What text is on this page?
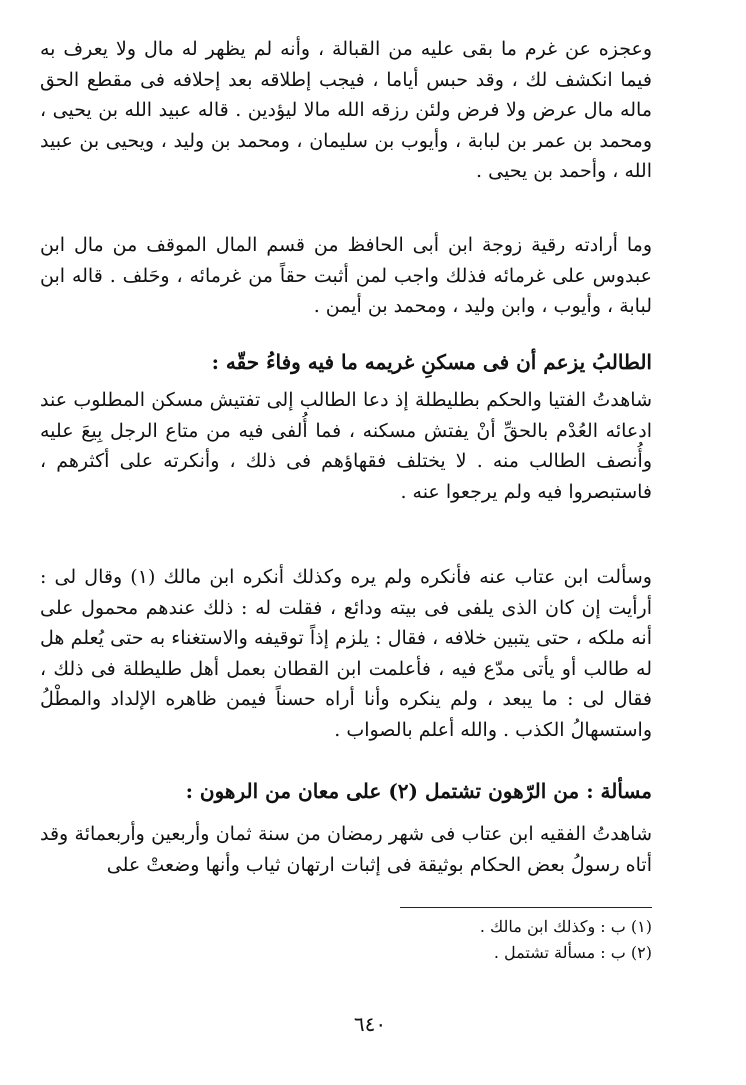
وعجزه عن غرم ما بقى عليه من القبالة ، وأنه لم يظهر له مال ولا يعرف به فيما انكشف لك ، وقد حبس أياما ، فيجب إطلاقه بعد إحلافه فى مقطع الحق ماله مال عرض ولا فرض ولئن رزقه الله مالا ليؤدين . قاله عبيد الله بن يحيى ، ومحمد بن عمر بن لبابة ، وأيوب بن سليمان ، ومحمد بن وليد ، ويحيى بن عبيد الله ، وأحمد بن يحيى .

وما أرادته رقية زوجة ابن أبى الحافظ من قسم المال الموقف من مال ابن عبدوس على غرمائه فذلك واجب لمن أثبت حقاً من غرمائه ، وحَلف . قاله ابن لبابة ، وأيوب ، وابن وليد ، ومحمد بن أيمن .

الطالبُ يزعم أن فى مسكنِ غريمه ما فيه وفاءُ حقّه :

شاهدتُ الفتيا والحكم بطليطلة إذ دعا الطالب إلى تفتيش مسكن المطلوب عند ادعائه العُدْم بالحقِّ أنْ يفتش مسكنه ، فما أُلفى فيه من متاع الرجل بِيعَ عليه وأُنصف الطالب منه . لا يختلف فقهاؤهم فى ذلك ، وأنكرته على أكثرهم ، فاستبصروا فيه ولم يرجعوا عنه .

وسألت ابن عتاب عنه فأنكره ولم يره وكذلك أنكره ابن مالك (١) وقال لى : أرأيت إن كان الذى يلفى فى بيته ودائع ، فقلت له : ذلك عندهم محمول على أنه ملكه ، حتى يتبين خلافه ، فقال : يلزم إذاً توقيفه والاستغناء به حتى يُعلم هل له طالب أو يأتى مدّع فيه ، فأعلمت ابن القطان بعمل أهل طليطلة فى ذلك ، فقال لى : ما يبعد ، ولم ينكره وأنا أراه حسناً فيمن ظاهره الإلداد والمطْلُ واستسهالُ الكذب . والله أعلم بالصواب .

مسألة : من الرّهون تشتمل (٢) على معان من الرهون :

شاهدتُ الفقيه ابن عتاب فى شهر رمضان من سنة ثمان وأربعين وأربعمائة وقد أتاه رسولُ بعض الحكام بوثيقة فى إثبات ارتهان ثياب وأنها وضعتْ على

(١) ب : وكذلك ابن مالك .
(٢) ب : مسألة تشتمل .
٦٤٠
